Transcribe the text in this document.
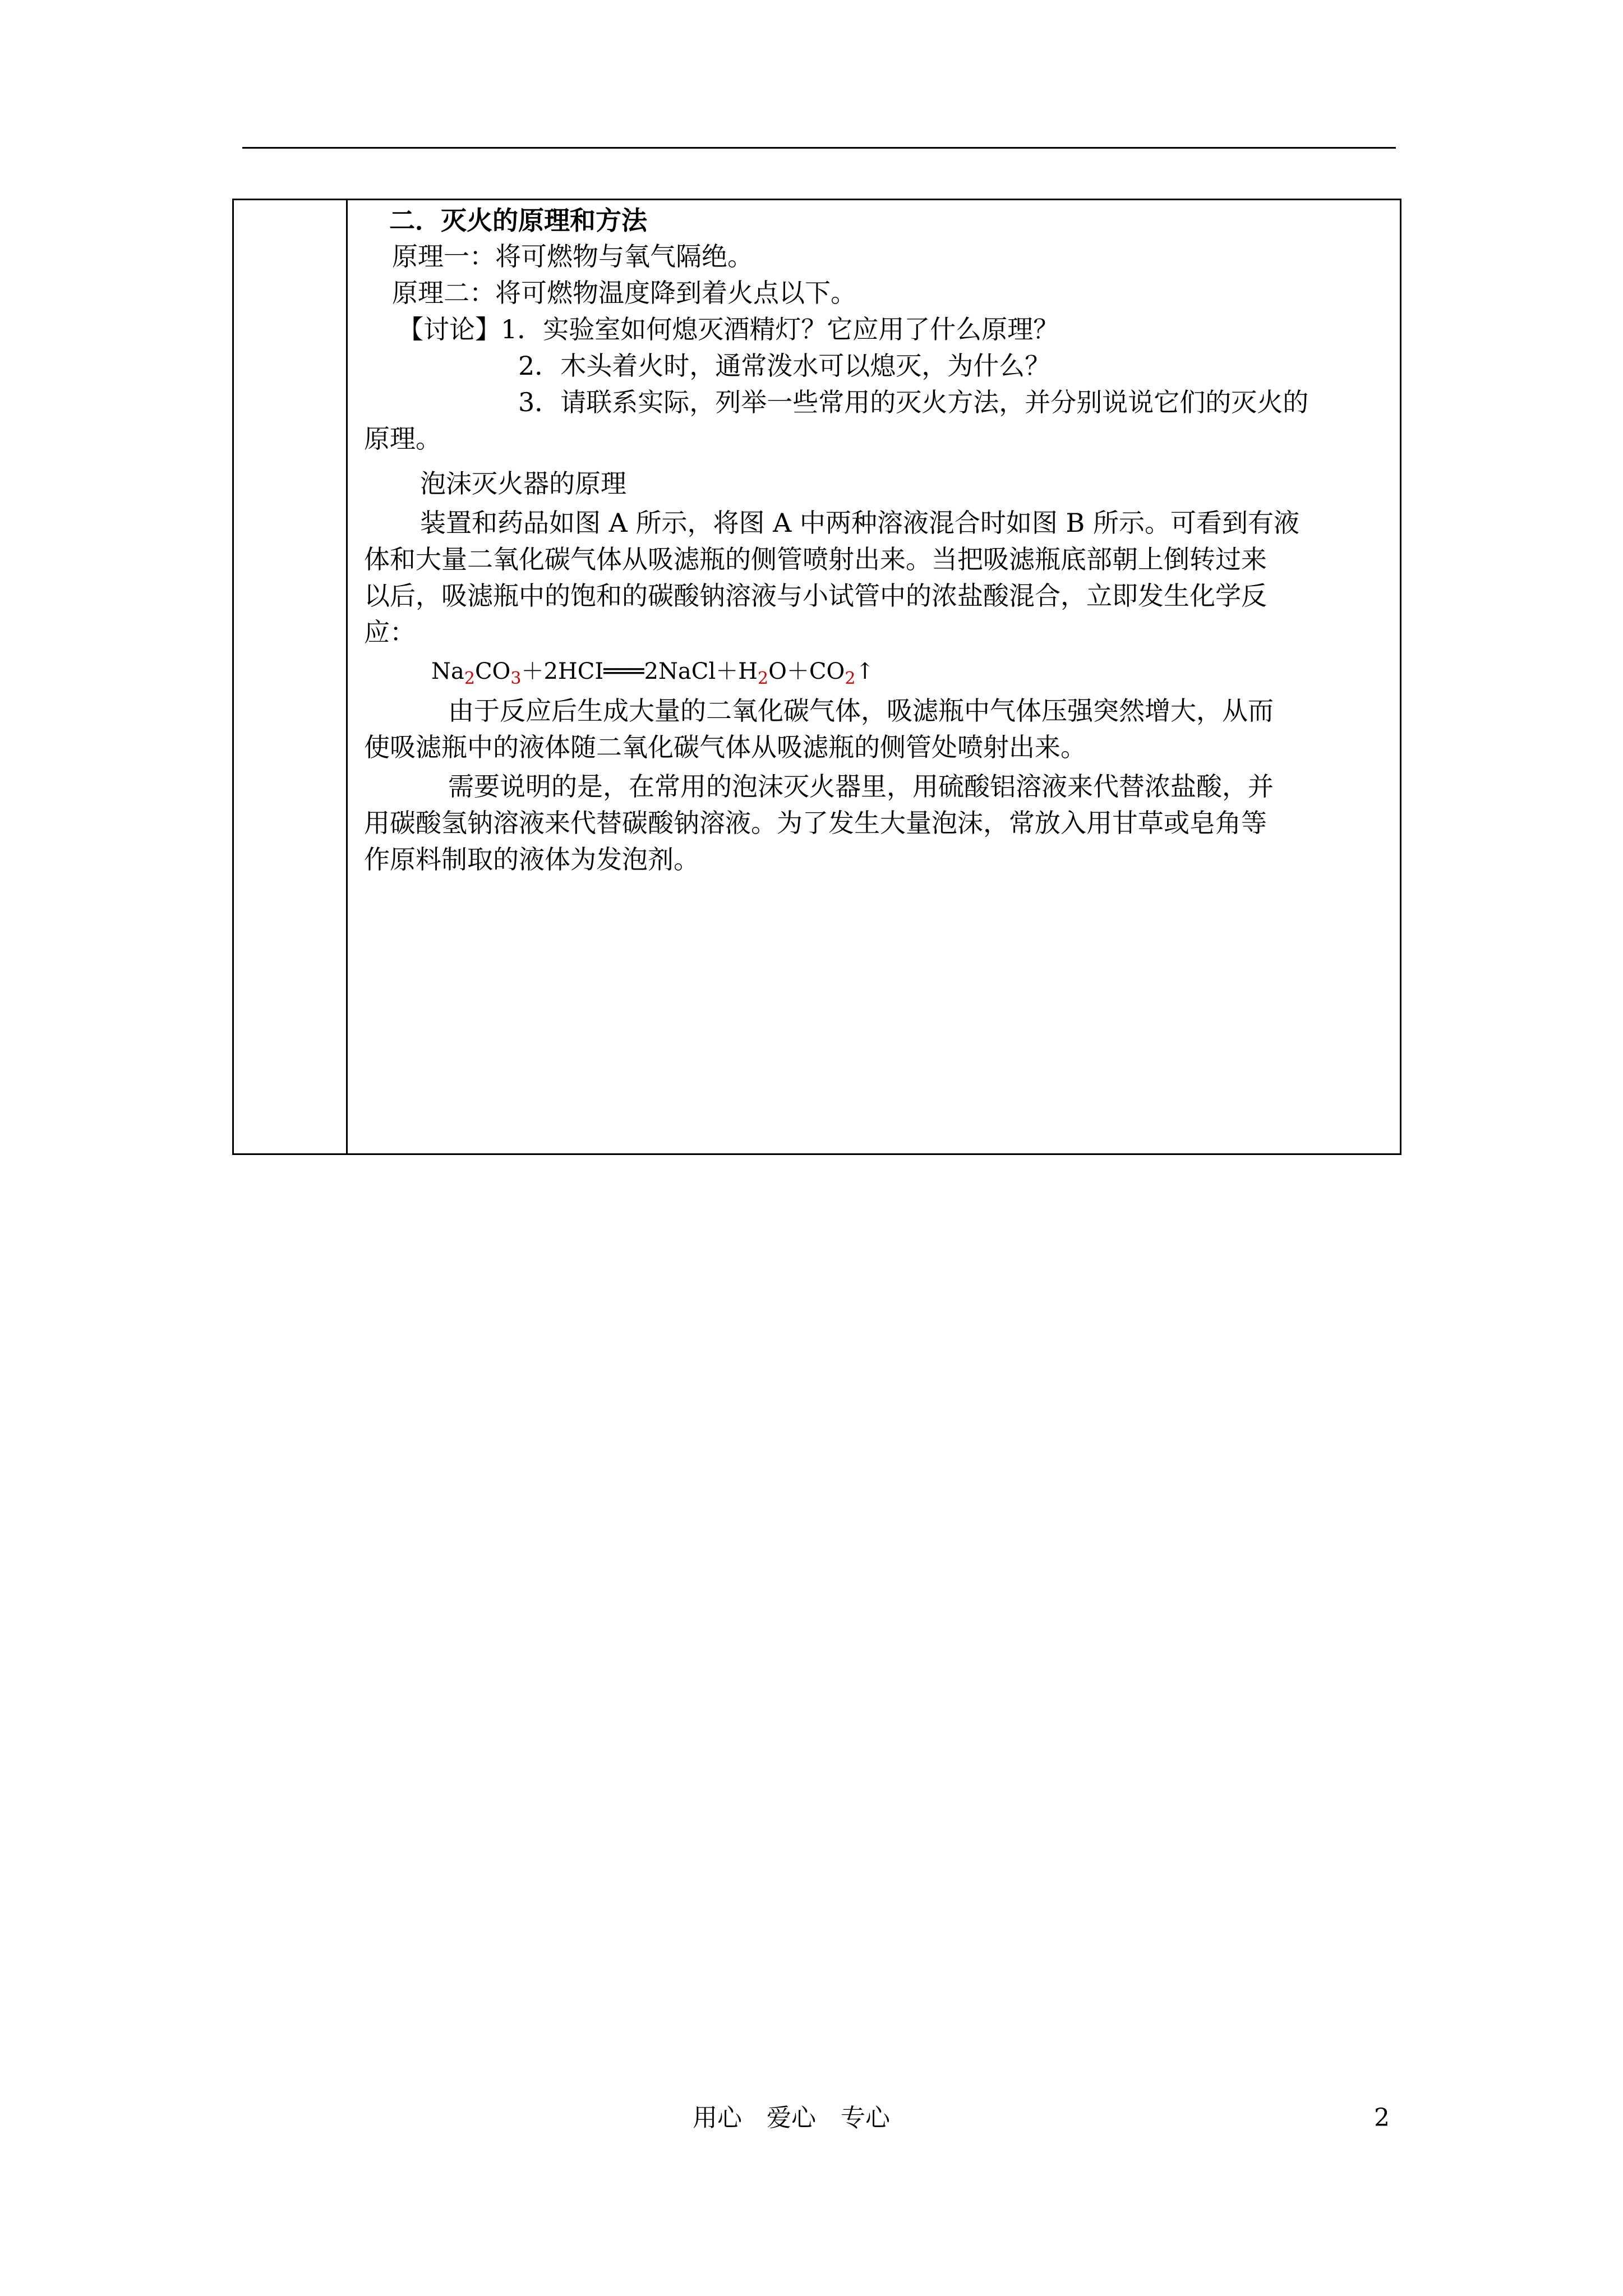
二．灭火的原理和方法
原理一：将可燃物与氧气隔绝。
原理二：将可燃物温度降到着火点以下。
【讨论】1．实验室如何熄灭酒精灯？它应用了什么原理？
2．木头着火时，通常泼水可以熄灭，为什么？
3．请联系实际，列举一些常用的灭火方法，并分别说说它们的灭火的
原理。
泡沫灭火器的原理
装置和药品如图 A 所示，将图 A 中两种溶液混合时如图 B 所示。可看到有液
体和大量二氧化碳气体从吸滤瓶的侧管喷射出来。当把吸滤瓶底部朝上倒转过来
以后，吸滤瓶中的饱和的碳酸钠溶液与小试管中的浓盐酸混合，立即发生化学反
应：
$Na_2CO_3+2HCI═══2NaCl+H_2O+CO_2↑$
由于反应后生成大量的二氧化碳气体，吸滤瓶中气体压强突然增大，从而
使吸滤瓶中的液体随二氧化碳气体从吸滤瓶的侧管处喷射出来。
需要说明的是，在常用的泡沫灭火器里，用硫酸铝溶液来代替浓盐酸，并
用碳酸氢钠溶液来代替碳酸钠溶液。为了发生大量泡沫，常放入用甘草或皂角等
作原料制取的液体为发泡剂。
用心　爱心　专心	2
